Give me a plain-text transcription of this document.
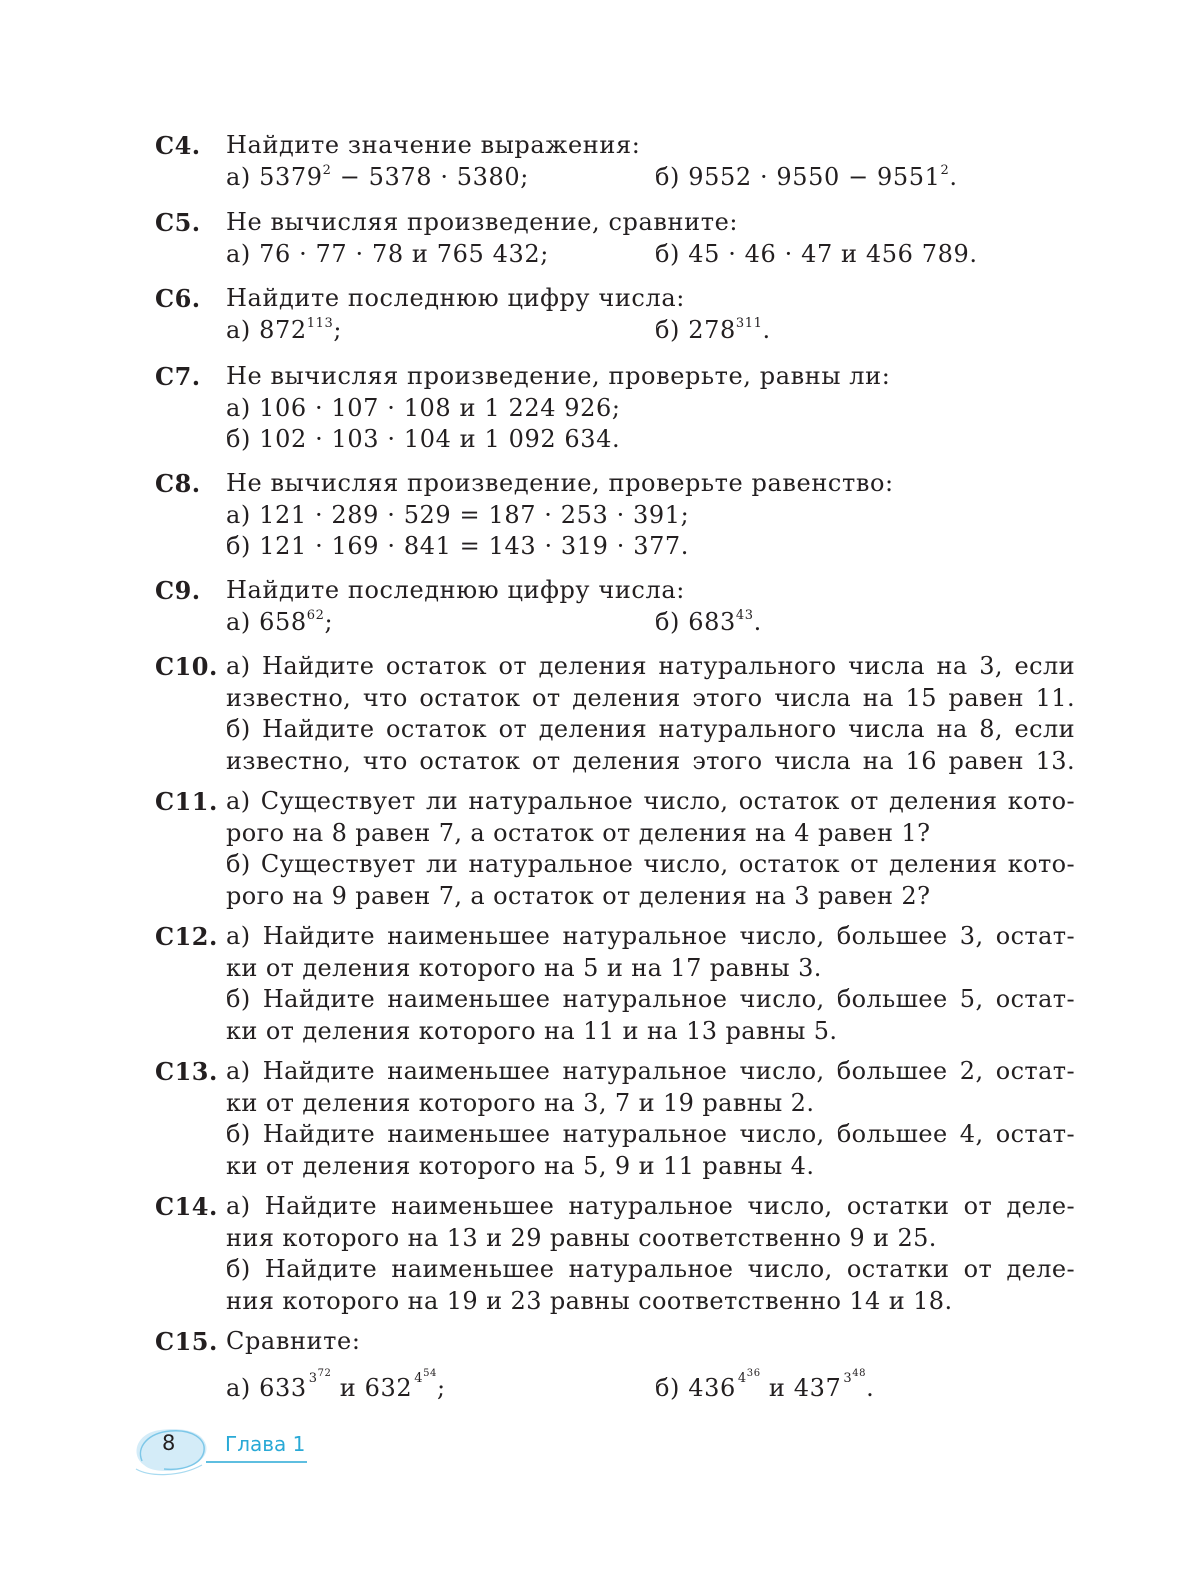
C4. Найдите значение выражения:
а) $5379^2 - 5378 \cdot 5380$;	б) $9552 \cdot 9550 - 9551^2$.
C5. Не вычисляя произведение, сравните:
а) 76 · 77 · 78 и 765 432;	б) 45 · 46 · 47 и 456 789.
C6. Найдите последнюю цифру числа:
а) $872^{113}$;	б) $278^{311}$.
C7. Не вычисляя произведение, проверьте, равны ли:
а) 106 · 107 · 108 и 1 224 926;
б) 102 · 103 · 104 и 1 092 634.
C8. Не вычисляя произведение, проверьте равенство:
а) 121 · 289 · 529 = 187 · 253 · 391;
б) 121 · 169 · 841 = 143 · 319 · 377.
C9. Найдите последнюю цифру числа:
а) $658^{62}$;	б) $683^{43}$.
C10. а) Найдите остаток от деления натурального числа на 3, если
известно, что остаток от деления этого числа на 15 равен 11.
б) Найдите остаток от деления натурального числа на 8, если
известно, что остаток от деления этого числа на 16 равен 13.
C11. а) Существует ли натуральное число, остаток от деления кото-
рого на 8 равен 7, а остаток от деления на 4 равен 1?
б) Существует ли натуральное число, остаток от деления кото-
рого на 9 равен 7, а остаток от деления на 3 равен 2?
C12. а) Найдите наименьшее натуральное число, большее 3, остат-
ки от деления которого на 5 и на 17 равны 3.
б) Найдите наименьшее натуральное число, большее 5, остат-
ки от деления которого на 11 и на 13 равны 5.
C13. а) Найдите наименьшее натуральное число, большее 2, остат-
ки от деления которого на 3, 7 и 19 равны 2.
б) Найдите наименьшее натуральное число, большее 4, остат-
ки от деления которого на 5, 9 и 11 равны 4.
C14. а) Найдите наименьшее натуральное число, остатки от деле-
ния которого на 13 и 29 равны соответственно 9 и 25.
б) Найдите наименьшее натуральное число, остатки от деле-
ния которого на 19 и 23 равны соответственно 14 и 18.
C15. Сравните:
а) 633 $^{372}$ и 632 $^{454}$;	б) 436 $^{436}$ и 437 $^{348}$.
8 Глава 1
